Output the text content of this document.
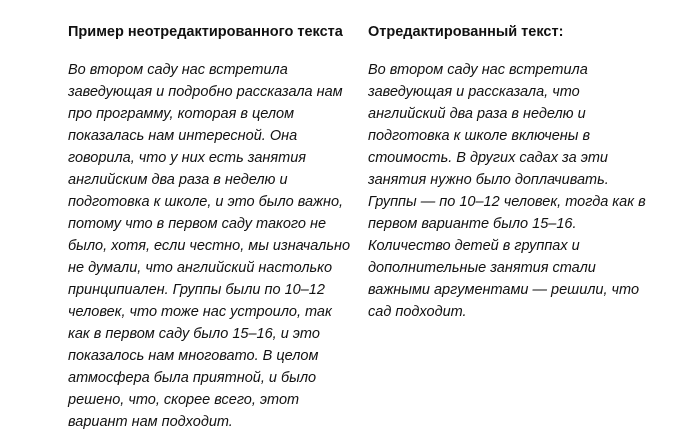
Пример неотредактированного текста

Во втором саду нас встретила
заведующая и подробно рассказала нам
про программу, которая в целом
показалась нам интересной. Она
говорила, что у них есть занятия
английским два раза в неделю и
подготовка к школе, и это было важно,
потому что в первом саду такого не
было, хотя, если честно, мы изначально
не думали, что английский настолько
принципиален. Группы были по 10–12
человек, что тоже нас устроило, так
как в первом саду было 15–16, и это
показалось нам многовато. В целом
атмосфера была приятной, и было
решено, что, скорее всего, этот
вариант нам подходит.

Отредактированный текст:

Во втором саду нас встретила
заведующая и рассказала, что
английский два раза в неделю и
подготовка к школе включены в
стоимость. В других садах за эти
занятия нужно было доплачивать.
Группы — по 10–12 человек, тогда как в
первом варианте было 15–16.
Количество детей в группах и
дополнительные занятия стали
важными аргументами — решили, что
сад подходит.
